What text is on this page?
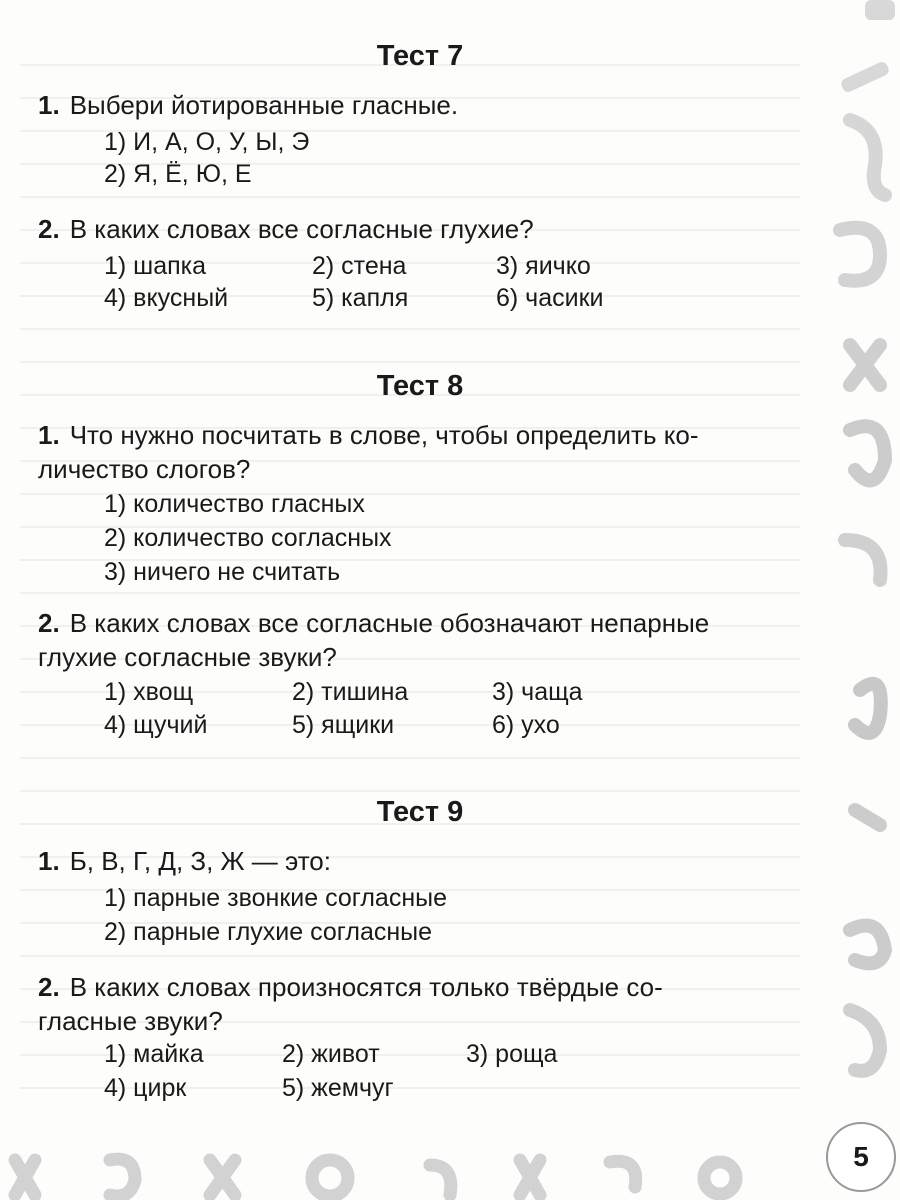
Тест 7
1. Выбери йотированные гласные.
1) И, А, О, У, Ы, Э
2) Я, Ё, Ю, Е
2. В каких словах все согласные глухие?
1) шапка	2) стена	3) яичко
4) вкусный	5) капля	6) часики
Тест 8
1. Что нужно посчитать в слове, чтобы определить ко-
личество слогов?
1) количество гласных
2) количество согласных
3) ничего не считать
2. В каких словах все согласные обозначают непарные
глухие согласные звуки?
1) хвощ	2) тишина	3) чаща
4) щучий	5) ящики	6) ухо
Тест 9
1. Б, В, Г, Д, З, Ж — это:
1) парные звонкие согласные
2) парные глухие согласные
2. В каких словах произносятся только твёрдые со-
гласные звуки?
1) майка	2) живот	3) роща
4) цирк	5) жемчуг
5
